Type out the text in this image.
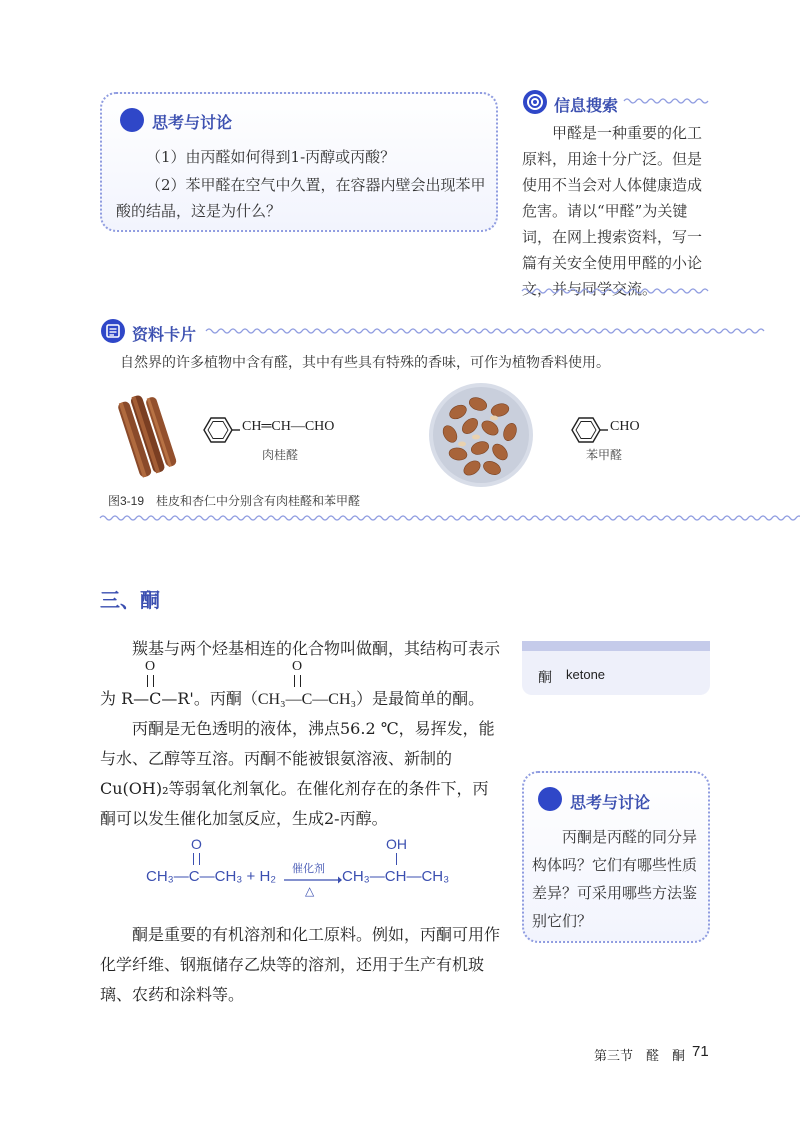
思考与讨论
（1）由丙醛如何得到1-丙醇或丙酸？
（2）苯甲醛在空气中久置，在容器内壁会出现苯甲酸的结晶，这是为什么？
信息搜索
甲醛是一种重要的化工原料，用途十分广泛。但是使用不当会对人体健康造成危害。请以“甲醛”为关键词，在网上搜索资料，写一篇有关安全使用甲醛的小论文，并与同学交流。
资料卡片
自然界的许多植物中含有醛，其中有些具有特殊的香味，可作为植物香料使用。
CH═CH—CHO
肉桂醛
CHO
苯甲醛
图3-19　桂皮和杏仁中分别含有肉桂醛和苯甲醛
三、酮
羰基与两个烃基相连的化合物叫做酮，其结构可表示
O	O
为 R—C—R'。丙酮（CH₃—C—CH₃）是最简单的酮。
丙酮是无色透明的液体，沸点56.2 ℃，易挥发，能与水、乙醇等互溶。丙酮不能被银氨溶液、新制的Cu(OH)₂等弱氧化剂氧化。在催化剂存在的条件下，丙酮可以发生催化加氢反应，生成2-丙醇。
O
CH₃—C—CH₃ + H₂ 催化剂
△
OH
CH₃—CH—CH₃
酮是重要的有机溶剂和化工原料。例如，丙酮可用作化学纤维、钢瓶储存乙炔等的溶剂，还用于生产有机玻璃、农药和涂料等。
酮 ketone
思考与讨论
丙酮是丙醛的同分异构体吗？它们有哪些性质差异？可采用哪些方法鉴别它们？
第三节　醛　酮 71
